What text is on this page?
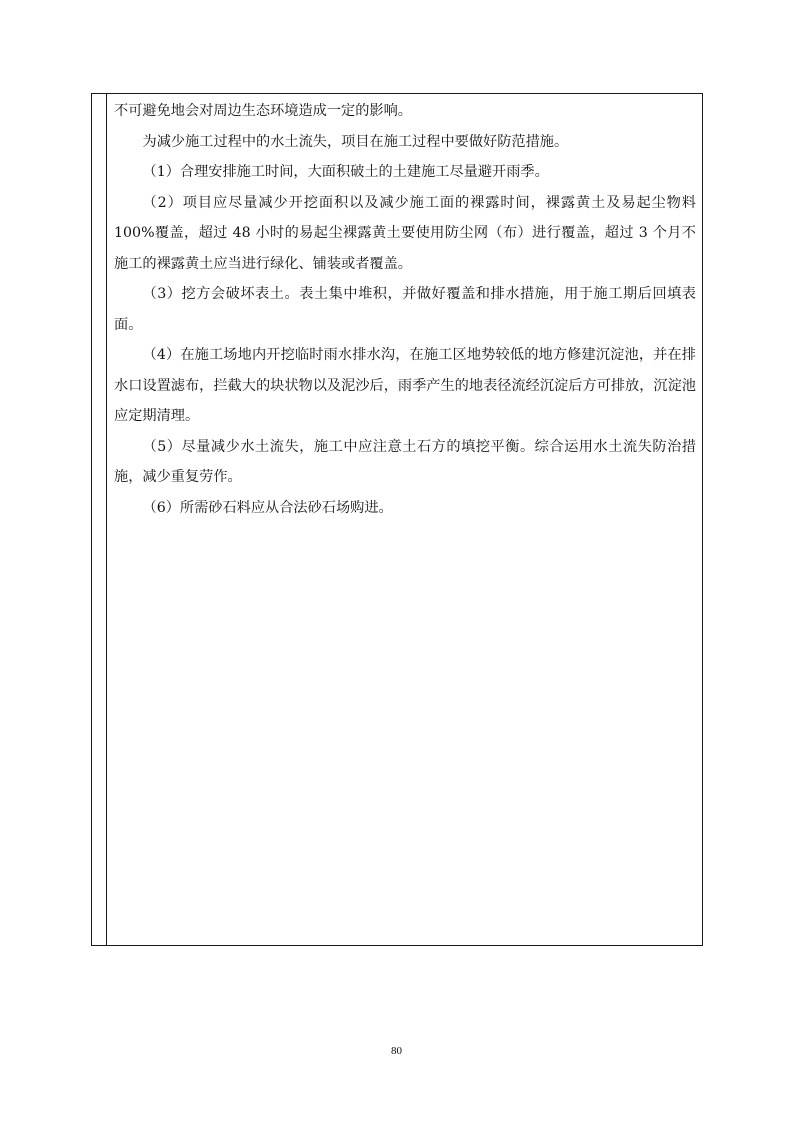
不可避免地会对周边生态环境造成一定的影响。

为减少施工过程中的水土流失，项目在施工过程中要做好防范措施。

（1）合理安排施工时间，大面积破土的土建施工尽量避开雨季。

（2）项目应尽量减少开挖面积以及减少施工面的裸露时间，裸露黄土及易起尘物料 100%覆盖，超过 48 小时的易起尘裸露黄土要使用防尘网（布）进行覆盖，超过 3 个月不施工的裸露黄土应当进行绿化、铺装或者覆盖。

（3）挖方会破坏表土。表土集中堆积，并做好覆盖和排水措施，用于施工期后回填表面。

（4）在施工场地内开挖临时雨水排水沟，在施工区地势较低的地方修建沉淀池，并在排水口设置滤布，拦截大的块状物以及泥沙后，雨季产生的地表径流经沉淀后方可排放，沉淀池应定期清理。

（5）尽量减少水土流失，施工中应注意土石方的填挖平衡。综合运用水土流失防治措施，减少重复劳作。

（6）所需砂石料应从合法砂石场购进。

80
